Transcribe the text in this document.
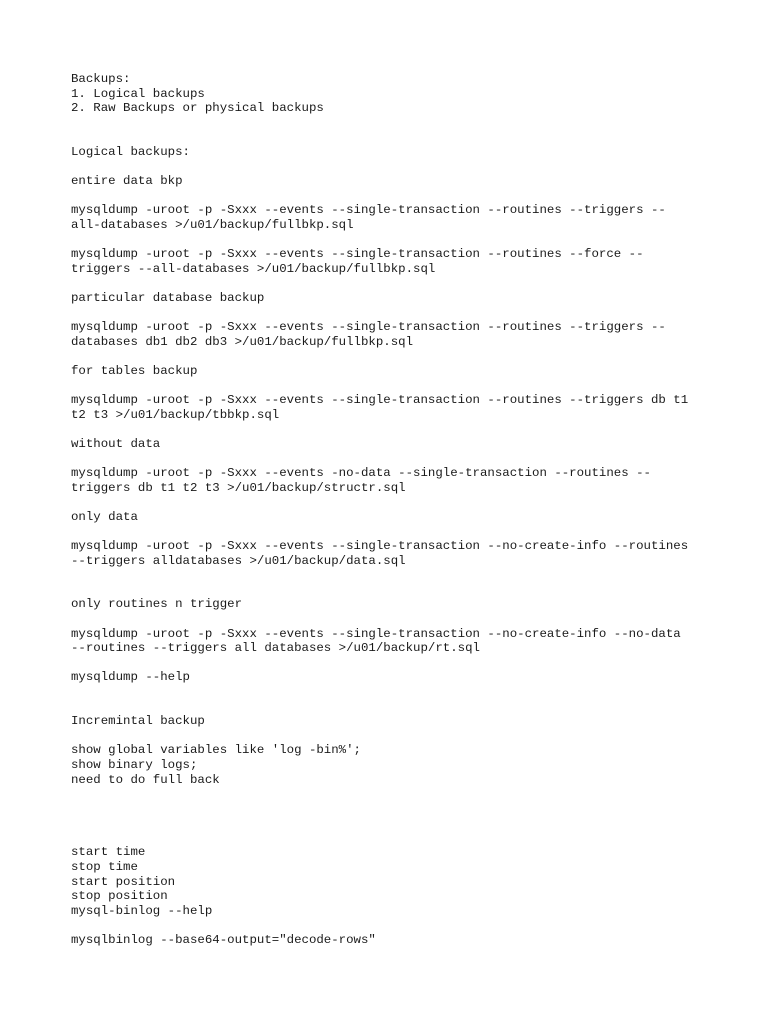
Backups:
1. Logical backups
2. Raw Backups or physical backups
Logical backups:
entire data bkp
mysqldump -uroot -p -Sxxx --events --single-transaction --routines --triggers --
all-databases >/u01/backup/fullbkp.sql
mysqldump -uroot -p -Sxxx --events --single-transaction --routines --force --
triggers --all-databases >/u01/backup/fullbkp.sql
particular database backup
mysqldump -uroot -p -Sxxx --events --single-transaction --routines --triggers --
databases db1 db2 db3 >/u01/backup/fullbkp.sql
for tables backup
mysqldump -uroot -p -Sxxx --events --single-transaction --routines --triggers db t1
t2 t3 >/u01/backup/tbbkp.sql
without data
mysqldump -uroot -p -Sxxx --events -no-data --single-transaction --routines --
triggers db t1 t2 t3 >/u01/backup/structr.sql
only data
mysqldump -uroot -p -Sxxx --events --single-transaction --no-create-info --routines
--triggers alldatabases >/u01/backup/data.sql
only routines n trigger
mysqldump -uroot -p -Sxxx --events --single-transaction --no-create-info --no-data
--routines --triggers all databases >/u01/backup/rt.sql
mysqldump --help
Incremintal backup
show global variables like 'log -bin%';
show binary logs;
need to do full back
start time
stop time
start position
stop position
mysql-binlog --help
mysqlbinlog --base64-output="decode-rows"
